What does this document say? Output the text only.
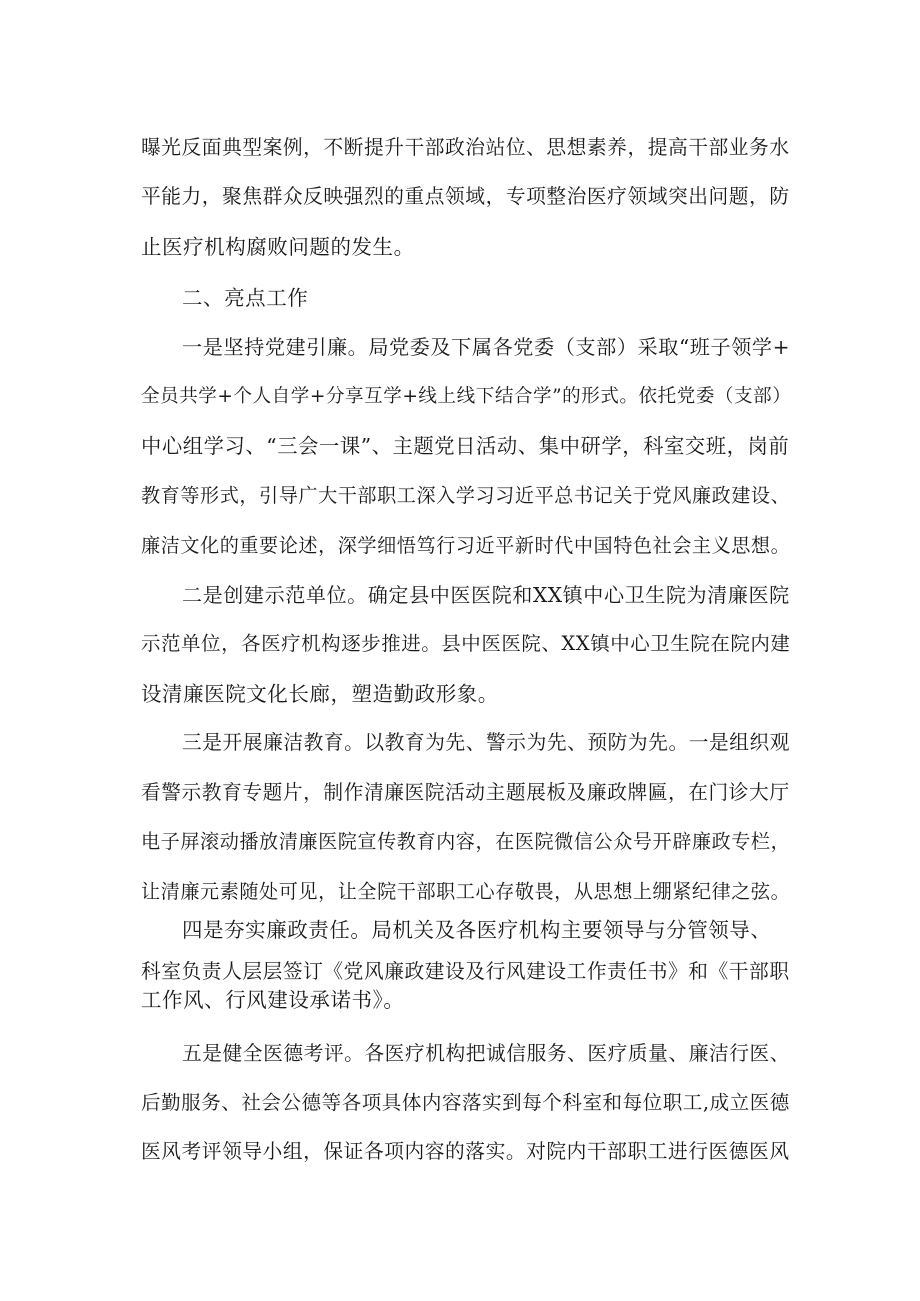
曝光反面典型案例，不断提升干部政治站位、思想素养，提高干部业务水
平能力，聚焦群众反映强烈的重点领域，专项整治医疗领域突出问题，防
止医疗机构腐败问题的发生。
二、亮点工作
一是坚持党建引廉。局党委及下属各党委（支部）采取“班子领学+
全员共学+个人自学+分享互学+线上线下结合学”的形式。依托党委（支部）
中心组学习、“三会一课”、主题党日活动、集中研学，科室交班，岗前
教育等形式，引导广大干部职工深入学习习近平总书记关于党风廉政建设、
廉洁文化的重要论述，深学细悟笃行习近平新时代中国特色社会主义思想。
二是创建示范单位。确定县中医医院和XX镇中心卫生院为清廉医院
示范单位，各医疗机构逐步推进。县中医医院、XX镇中心卫生院在院内建
设清廉医院文化长廊，塑造勤政形象。
三是开展廉洁教育。以教育为先、警示为先、预防为先。一是组织观
看警示教育专题片，制作清廉医院活动主题展板及廉政牌匾，在门诊大厅
电子屏滚动播放清廉医院宣传教育内容，在医院微信公众号开辟廉政专栏，
让清廉元素随处可见，让全院干部职工心存敬畏，从思想上绷紧纪律之弦。
四是夯实廉政责任。局机关及各医疗机构主要领导与分管领导、
科室负责人层层签订《党风廉政建设及行风建设工作责任书》和《干部职
工作风、行风建设承诺书》。
五是健全医德考评。各医疗机构把诚信服务、医疗质量、廉洁行医、
后勤服务、社会公德等各项具体内容落实到每个科室和每位职工,成立医德
医风考评领导小组，保证各项内容的落实。对院内干部职工进行医德医风
